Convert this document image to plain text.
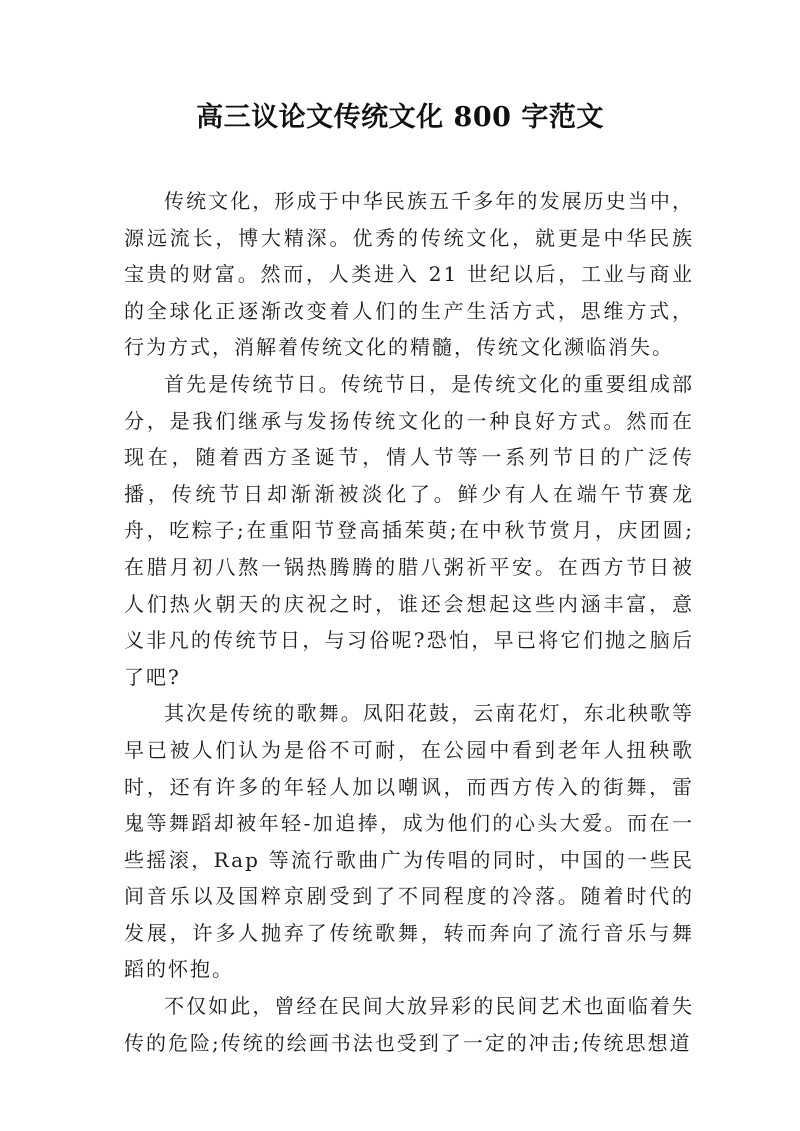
高三议论文传统文化 800 字范文

传统文化，形成于中华民族五千多年的发展历史当中，源远流长，博大精深。优秀的传统文化，就更是中华民族宝贵的财富。然而，人类进入 21 世纪以后，工业与商业的全球化正逐渐改变着人们的生产生活方式，思维方式，行为方式，消解着传统文化的精髓，传统文化濒临消失。

首先是传统节日。传统节日，是传统文化的重要组成部分，是我们继承与发扬传统文化的一种良好方式。然而在现在，随着西方圣诞节，情人节等一系列节日的广泛传播，传统节日却渐渐被淡化了。鲜少有人在端午节赛龙舟，吃粽子;在重阳节登高插茱萸;在中秋节赏月，庆团圆;在腊月初八熬一锅热腾腾的腊八粥祈平安。在西方节日被人们热火朝天的庆祝之时，谁还会想起这些内涵丰富，意义非凡的传统节日，与习俗呢?恐怕，早已将它们抛之脑后了吧?

其次是传统的歌舞。凤阳花鼓，云南花灯，东北秧歌等早已被人们认为是俗不可耐，在公园中看到老年人扭秧歌时，还有许多的年轻人加以嘲讽，而西方传入的街舞，雷鬼等舞蹈却被年轻-加追捧，成为他们的心头大爱。而在一些摇滚，Rap 等流行歌曲广为传唱的同时，中国的一些民间音乐以及国粹京剧受到了不同程度的冷落。随着时代的发展，许多人抛弃了传统歌舞，转而奔向了流行音乐与舞蹈的怀抱。

不仅如此，曾经在民间大放异彩的民间艺术也面临着失传的危险;传统的绘画书法也受到了一定的冲击;传统思想道
